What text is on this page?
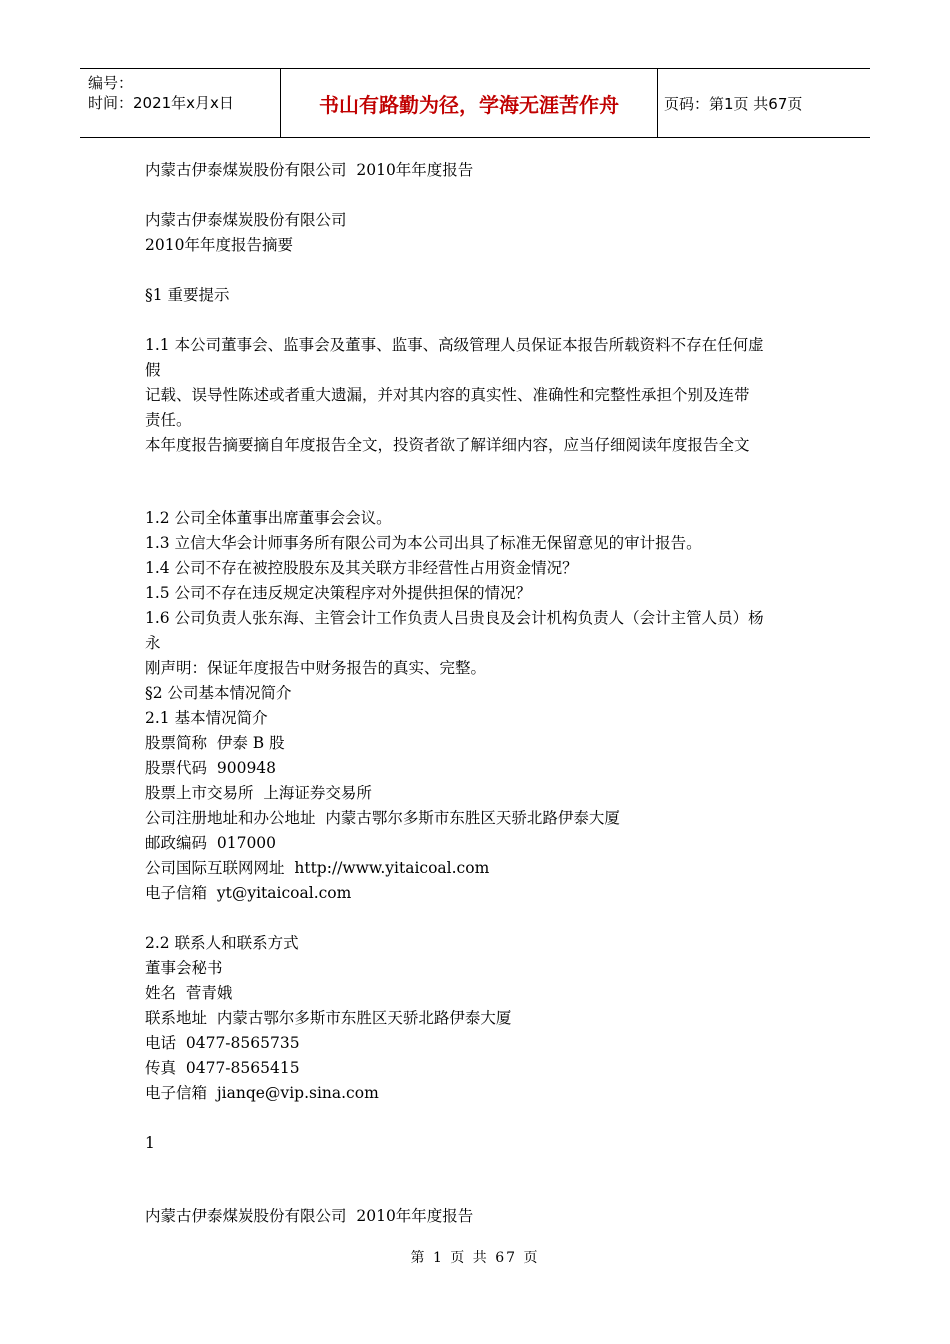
编号：
时间：2021年x月x日	书山有路勤为径，学海无涯苦作舟	页码：第1页 共67页

内蒙古伊泰煤炭股份有限公司  2010年年度报告

内蒙古伊泰煤炭股份有限公司

2010年年度报告摘要

§1 重要提示

1.1 本公司董事会、监事会及董事、监事、高级管理人员保证本报告所载资料不存在任何虚

假

记载、误导性陈述或者重大遗漏，并对其内容的真实性、准确性和完整性承担个别及连带

责任。

本年度报告摘要摘自年度报告全文，投资者欲了解详细内容，应当仔细阅读年度报告全文

1.2 公司全体董事出席董事会会议。

1.3 立信大华会计师事务所有限公司为本公司出具了标准无保留意见的审计报告。

1.4 公司不存在被控股股东及其关联方非经营性占用资金情况？

1.5 公司不存在违反规定决策程序对外提供担保的情况？

1.6 公司负责人张东海、主管会计工作负责人吕贵良及会计机构负责人（会计主管人员）杨

永

刚声明：保证年度报告中财务报告的真实、完整。

§2 公司基本情况简介

2.1 基本情况简介

股票简称  伊泰 B 股

股票代码  900948

股票上市交易所  上海证券交易所

公司注册地址和办公地址  内蒙古鄂尔多斯市东胜区天骄北路伊泰大厦

邮政编码  017000

公司国际互联网网址  http://www.yitaicoal.com

电子信箱  yt@yitaicoal.com

2.2 联系人和联系方式

董事会秘书

姓名  菅青娥

联系地址  内蒙古鄂尔多斯市东胜区天骄北路伊泰大厦

电话  0477-8565735

传真  0477-8565415

电子信箱  jianqe@vip.sina.com

1

内蒙古伊泰煤炭股份有限公司  2010年年度报告

第 1 页 共 67 页
